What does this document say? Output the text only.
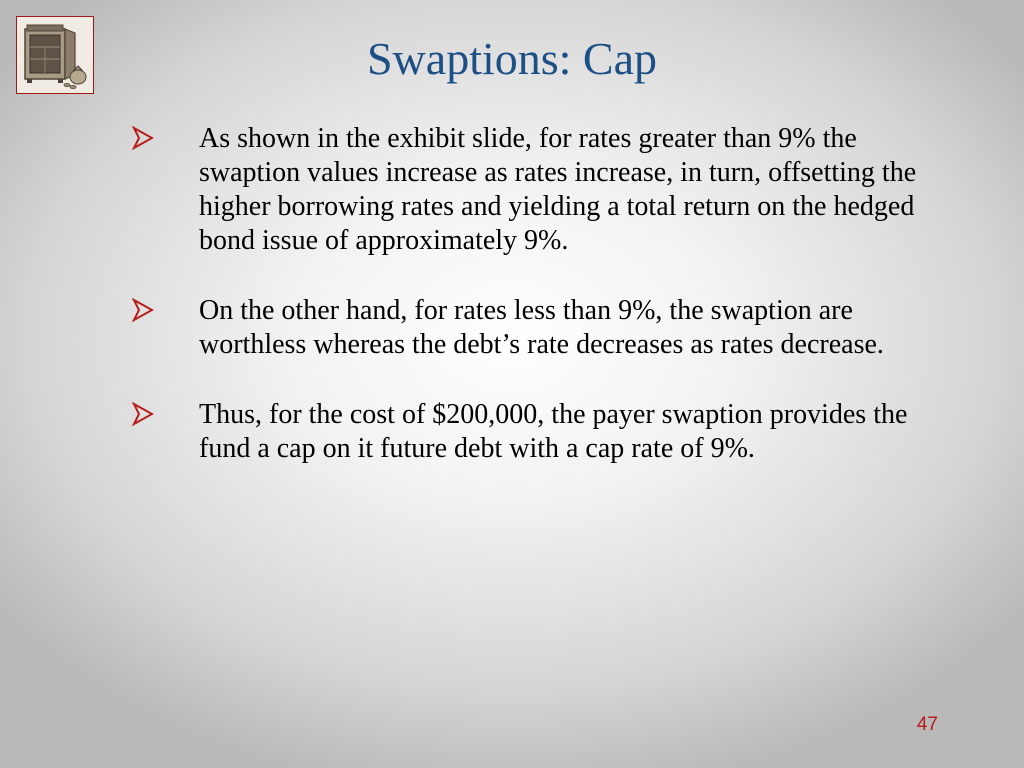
Swaptions: Cap
As shown in the exhibit slide, for rates greater than 9% the swaption values increase as rates increase, in turn, offsetting the higher borrowing rates and yielding a total return on the hedged bond issue of approximately 9%.
On the other hand, for rates less than 9%, the swaption are worthless whereas the debt’s rate decreases as rates decrease.
Thus, for the cost of $200,000, the payer swaption provides the fund a cap on it future debt with a cap rate of 9%.
47
